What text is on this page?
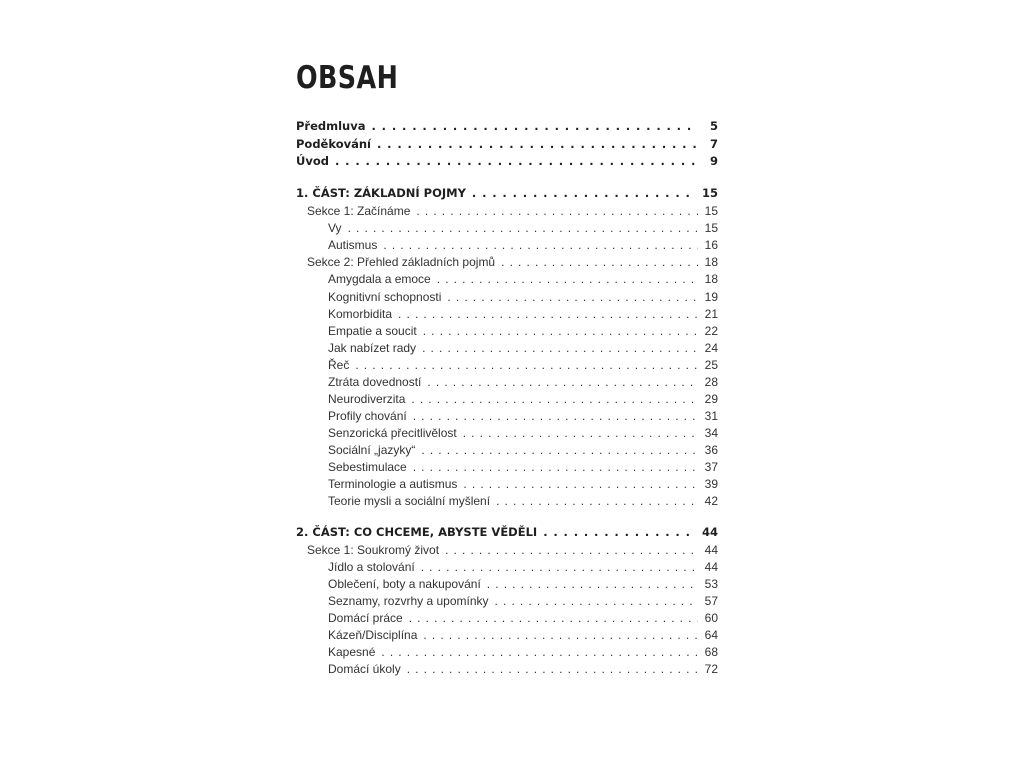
OBSAH
Předmluva . . .	5
Poděkování . . .	7
Úvod . . .	9
1. ČÁST: ZÁKLADNÍ POJMY . . .	15
Sekce 1: Začínáme . . .	15
Vy . . .	15
Autismus . . .	16
Sekce 2: Přehled základních pojmů . . .	18
Amygdala a emoce . . .	18
Kognitivní schopnosti . . .	19
Komorbidita . . .	21
Empatie a soucit . . .	22
Jak nabízet rady . . .	24
Řeč . . .	25
Ztráta dovedností . . .	28
Neurodiverzita . . .	29
Profily chování . . .	31
Senzorická přecitlivělost . . .	34
Sociální „jazyky“ . . .	36
Sebestimulace . . .	37
Terminologie a autismus . . .	39
Teorie mysli a sociální myšlení . . .	42
2. ČÁST: CO CHCEME, ABYSTE VĚDĚLI . . .	44
Sekce 1: Soukromý život . . .	44
Jídlo a stolování . . .	44
Oblečení, boty a nakupování . . .	53
Seznamy, rozvrhy a upomínky . . .	57
Domácí práce . . .	60
Kázeň/Disciplína . . .	64
Kapesné . . .	68
Domácí úkoly . . .	72
